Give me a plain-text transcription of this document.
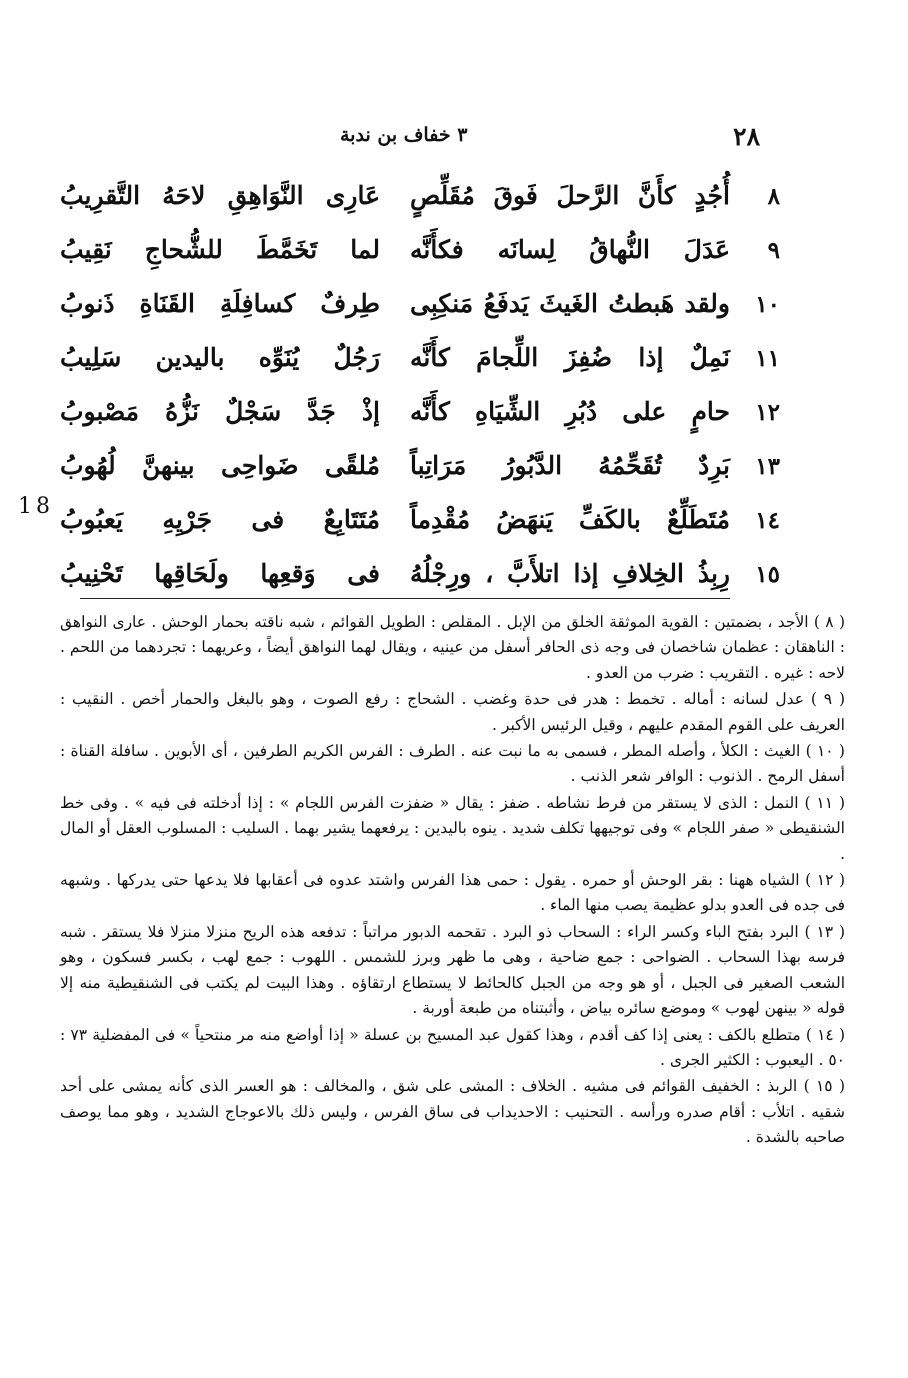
٢٨
٣ خفاف بن ندبة
٨
أُجُدٍ كأَنَّ الرَّحلَ فَوقَ مُقَلِّصٍ
عَارِى النَّوَاهِقِ لاحَهُ التَّقرِيبُ
٩
عَدَلَ النُّهاقُ لِسانَه فكأَنَّه
لما تَخَمَّطَ للشُّحاجِ نَقِيبُ
١٠
ولقد هَبطتُ الغَيثَ يَدفَعُ مَنكِبِى
طِرفٌ كسافِلَةِ القَنَاةِ ذَنوبُ
١١
نَمِلٌ إذا ضُفِزَ اللِّجامَ كأَنَّه
رَجُلٌ يُنَوِّه باليدين سَلِيبُ
١٢
حامٍ على دُبُرِ الشِّيَاهِ كأَنَّه
إذْ جَدَّ سَجْلٌ نَزُّهُ مَصْبوبُ
١٣
بَرِدٌ تُقَحِّمُهُ الدَّبُورُ مَرَاتِباً
مُلقًى ضَواحِى بينهنَّ لُهُوبُ
١٤
مُتَطَلِّعٌ بالكَفِّ يَنهَضُ مُقْدِماً
مُتَتَابِعٌ فى جَرْيِهِ يَعبُوبُ
١٥
رِبِذُ الخِلافِ إذا اتلأَبَّ ، ورِجْلُهُ
فى وَقعِها ولَحَاقِها تَحْنِيبُ
18

( ٨ ) الأجد ، بضمتين : القوية الموثقة الخلق من الإبل . المقلص : الطويل القوائم ، شبه ناقته بحمار الوحش . عارى النواهق : الناهقان : عظمان شاخصان فى وجه ذى الحافر أسفل من عينيه ، ويقال لهما النواهق أيضاً ، وعريهما : تجردهما من اللحم . لاحه : غيره . التقريب : ضرب من العدو .

( ٩ ) عدل لسانه : أماله . تخمط : هدر فى حدة وغضب . الشحاج : رفع الصوت ، وهو بالبغل والحمار أخص . النقيب : العريف على القوم المقدم عليهم ، وقيل الرئيس الأكبر .

( ١٠ ) الغيث : الكلأ ، وأصله المطر ، فسمى به ما نبت عنه . الطرف : الفرس الكريم الطرفين ، أى الأبوين . سافلة القناة : أسفل الرمح . الذنوب : الوافر شعر الذنب .

( ١١ ) النمل : الذى لا يستقر من فرط نشاطه . ضفز : يقال « ضفزت الفرس اللجام » : إذا أدخلته فى فيه » . وفى خط الشنقيطى « صفر اللجام » وفى توجيهها تكلف شديد . ينوه باليدين : يرفعهما يشير بهما . السليب : المسلوب العقل أو المال .

( ١٢ ) الشياه ههنا : بقر الوحش أو حمره . يقول : حمى هذا الفرس واشتد عدوه فى أعقابها فلا يدعها حتى يدركها . وشبهه فى جده فى العدو بدلو عظيمة يصب منها الماء .

( ١٣ ) البرد بفتح الباء وكسر الراء : السحاب ذو البرد . تقحمه الدبور مراتباً : تدفعه هذه الريح منزلا منزلا فلا يستقر . شبه فرسه بهذا السحاب . الضواحى : جمع ضاحية ، وهى ما ظهر وبرز للشمس . اللهوب : جمع لهب ، بكسر فسكون ، وهو الشعب الصغير فى الجبل ، أو هو وجه من الجبل كالحائط لا يستطاع ارتقاؤه . وهذا البيت لم يكتب فى الشنقيطية منه إلا قوله « بينهن لهوب » وموضع سائره بياض ، وأثبتناه من طبعة أوربة .

( ١٤ ) متطلع بالكف : يعنى إذا كف أقدم ، وهذا كقول عبد المسيح بن عسلة « إذا أواضع منه مر منتحياً » فى المفضلية ٧٣ : ٥٠ . اليعبوب : الكثير الجرى .

( ١٥ ) الربذ : الخفيف القوائم فى مشيه . الخلاف : المشى على شق ، والمخالف : هو العسر الذى كأنه يمشى على أحد شقيه . اتلأب : أقام صدره ورأسه . التحنيب : الاحديداب فى ساق الفرس ، وليس ذلك بالاعوجاج الشديد ، وهو مما يوصف صاحبه بالشدة .
